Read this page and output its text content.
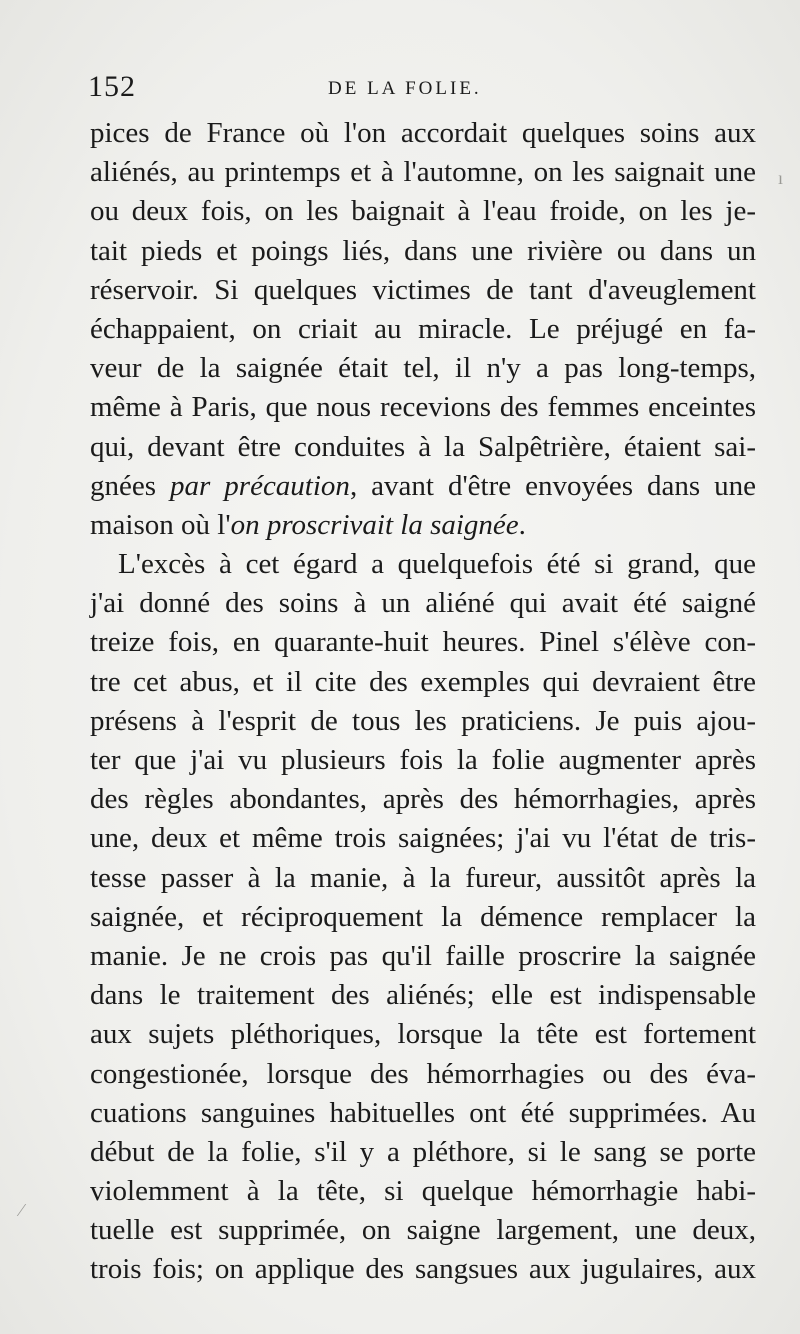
152	DE LA FOLIE.
pices de France où l'on accordait quelques soins aux
aliénés, au printemps et à l'automne, on les saignait une
ou deux fois, on les baignait à l'eau froide, on les je-
tait pieds et poings liés, dans une rivière ou dans un
réservoir. Si quelques victimes de tant d'aveuglement
échappaient, on criait au miracle. Le préjugé en fa-
veur de la saignée était tel, il n'y a pas long-temps,
même à Paris, que nous recevions des femmes enceintes
qui, devant être conduites à la Salpêtrière, étaient sai-
gnées par précaution, avant d'être envoyées dans une
maison où l'on proscrivait la saignée.
L'excès à cet égard a quelquefois été si grand, que
j'ai donné des soins à un aliéné qui avait été saigné
treize fois, en quarante-huit heures. Pinel s'élève con-
tre cet abus, et il cite des exemples qui devraient être
présens à l'esprit de tous les praticiens. Je puis ajou-
ter que j'ai vu plusieurs fois la folie augmenter après
des règles abondantes, après des hémorrhagies, après
une, deux et même trois saignées; j'ai vu l'état de tris-
tesse passer à la manie, à la fureur, aussitôt après la
saignée, et réciproquement la démence remplacer la
manie. Je ne crois pas qu'il faille proscrire la saignée
dans le traitement des aliénés; elle est indispensable
aux sujets pléthoriques, lorsque la tête est fortement
congestionée, lorsque des hémorrhagies ou des éva-
cuations sanguines habituelles ont été supprimées. Au
début de la folie, s'il y a pléthore, si le sang se porte
violemment à la tête, si quelque hémorrhagie habi-
tuelle est supprimée, on saigne largement, une deux,
trois fois; on applique des sangsues aux jugulaires, aux
ı
⁄
